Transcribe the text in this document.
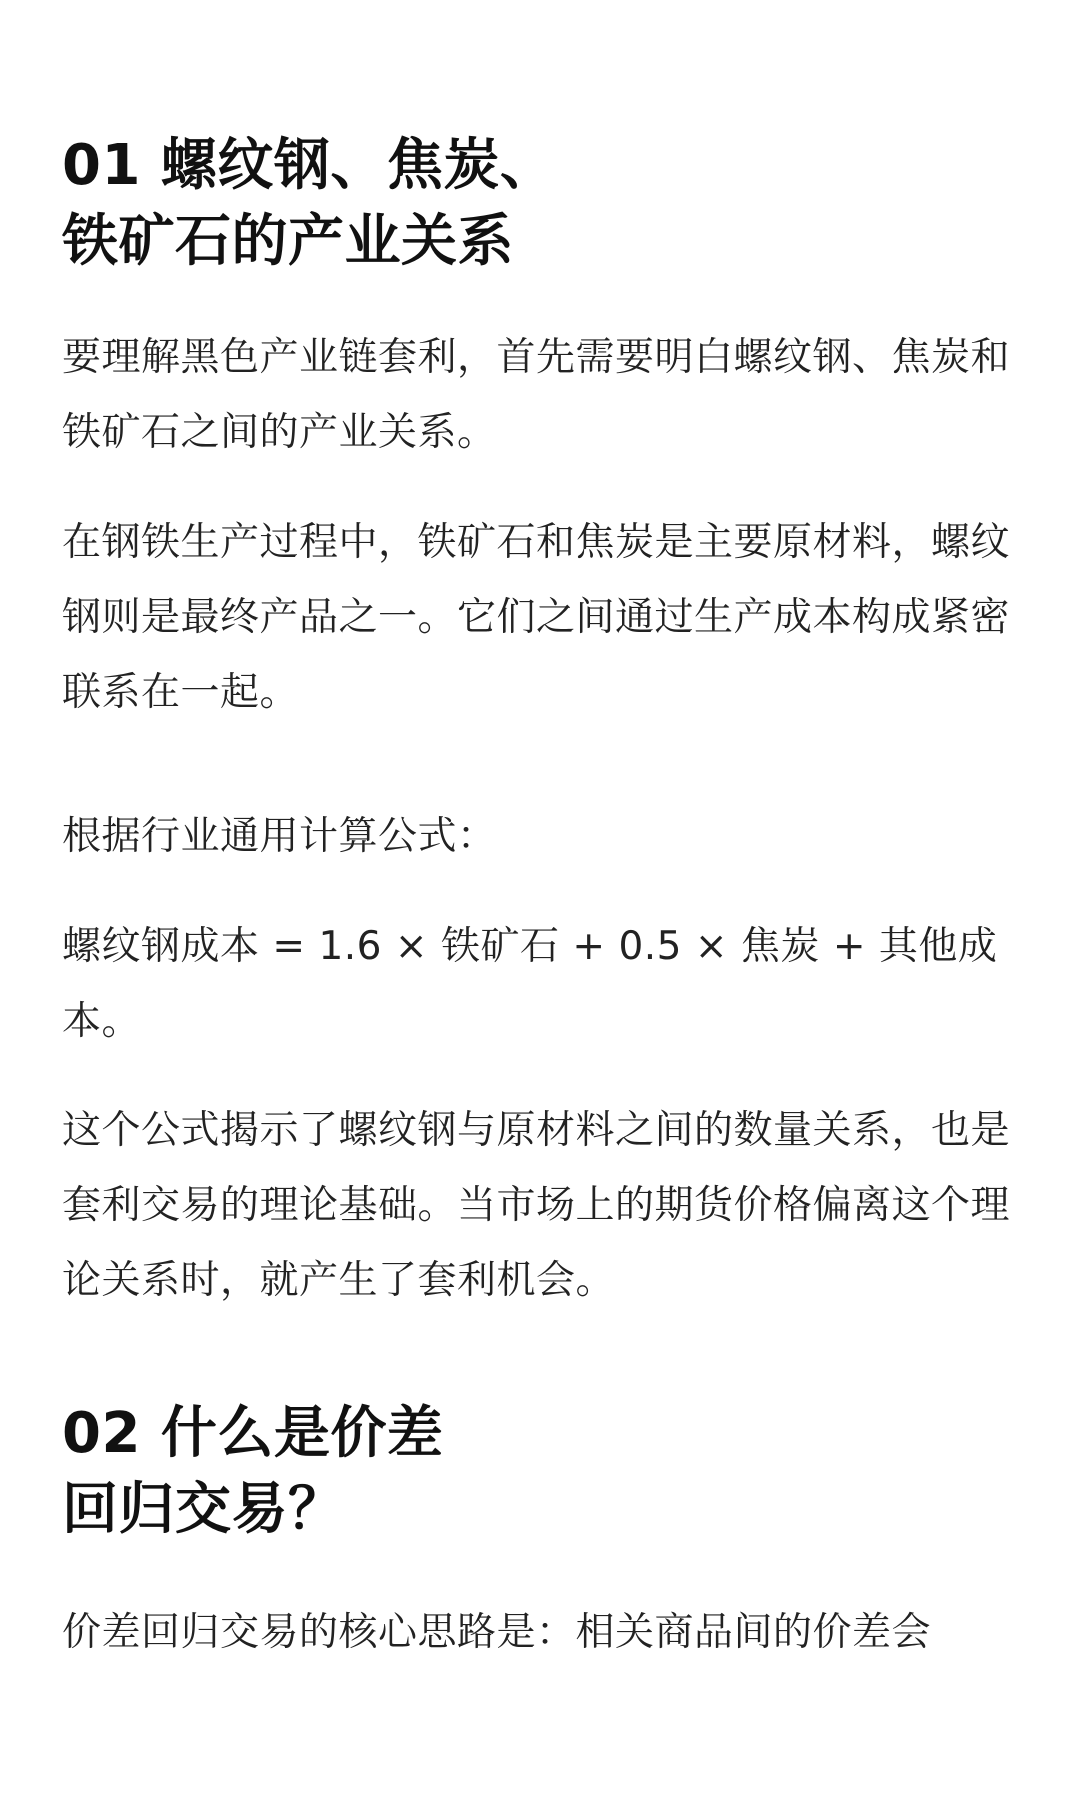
01 螺纹钢、焦炭、
铁矿石的产业关系

要理解黑色产业链套利，首先需要明白螺纹钢、焦炭和铁矿石之间的产业关系。

在钢铁生产过程中，铁矿石和焦炭是主要原材料，螺纹钢则是最终产品之一。它们之间通过生产成本构成紧密联系在一起。

根据行业通用计算公式：

螺纹钢成本 = 1.6 × 铁矿石 + 0.5 × 焦炭 + 其他成本。

这个公式揭示了螺纹钢与原材料之间的数量关系，也是套利交易的理论基础。当市场上的期货价格偏离这个理论关系时，就产生了套利机会。

02 什么是价差
回归交易？

价差回归交易的核心思路是：相关商品间的价差会
